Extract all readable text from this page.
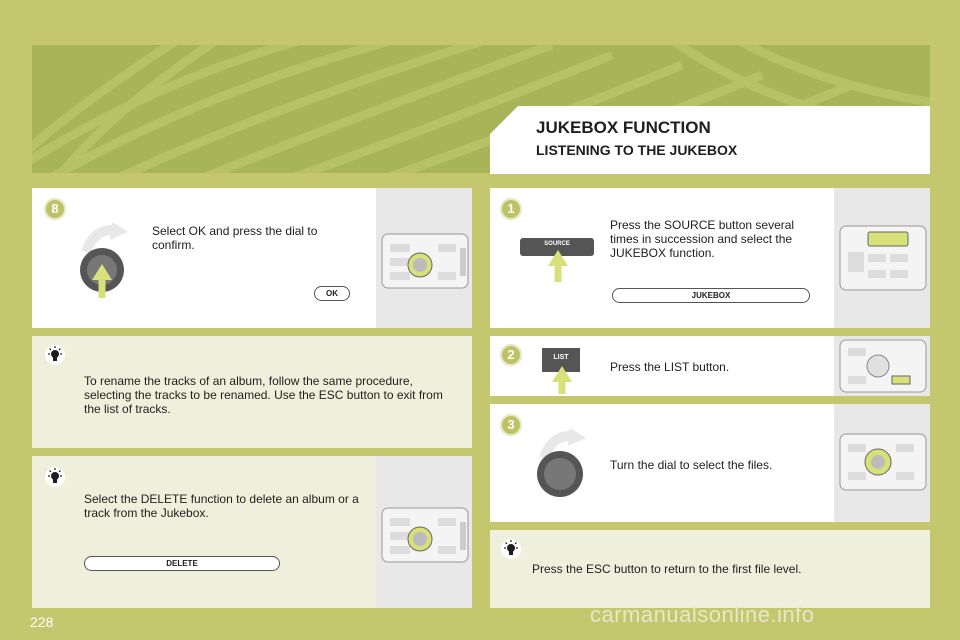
JUKEBOX FUNCTION
LISTENING TO THE JUKEBOX
8

Select OK and press the dial to confirm.

OK

To rename the tracks of an album, follow the same procedure, selecting the tracks to be renamed. Use the ESC button to exit from the list of tracks.

Select the DELETE function to delete an album or a track from the Jukebox.

DELETE
1
SOURCE

Press the SOURCE button several times in succession and select the JUKEBOX function.

JUKEBOX
2	LIST

Press the LIST button.

3

Turn the dial to select the files.

Press the ESC button to return to the first file level.

228	carmanualsonline.info
